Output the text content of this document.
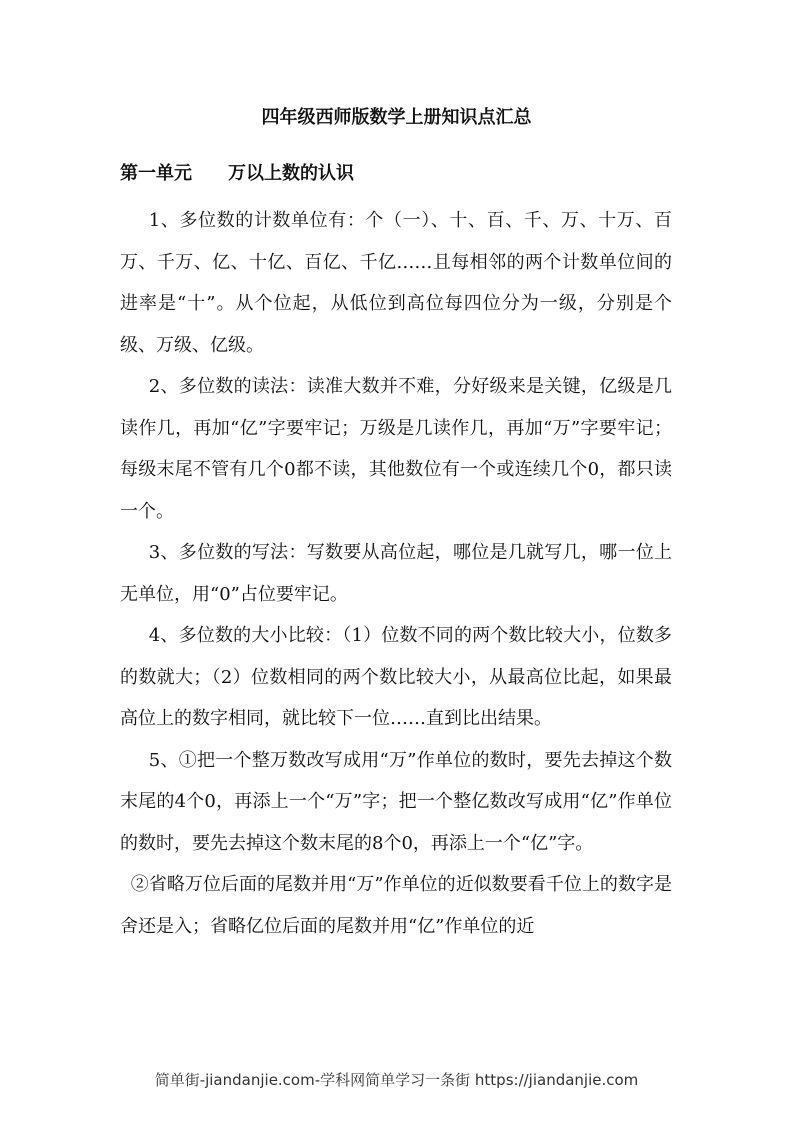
四年级西师版数学上册知识点汇总
第一单元　　万以上数的认识

1、多位数的计数单位有：个（一）、十、百、千、万、十万、百万、千万、亿、十亿、百亿、千亿……且每相邻的两个计数单位间的进率是“十”。从个位起，从低位到高位每四位分为一级，分别是个级、万级、亿级。

2、多位数的读法：读准大数并不难，分好级来是关键，亿级是几读作几，再加“亿”字要牢记；万级是几读作几，再加“万”字要牢记；每级末尾不管有几个0都不读，其他数位有一个或连续几个0，都只读一个。

3、多位数的写法：写数要从高位起，哪位是几就写几，哪一位上无单位，用“0”占位要牢记。

4、多位数的大小比较：（1）位数不同的两个数比较大小，位数多的数就大；（2）位数相同的两个数比较大小，从最高位比起，如果最高位上的数字相同，就比较下一位……直到比出结果。

5、①把一个整万数改写成用“万”作单位的数时，要先去掉这个数末尾的4个0，再添上一个“万”字；把一个整亿数改写成用“亿”作单位的数时，要先去掉这个数末尾的8个0，再添上一个“亿”字。

②省略万位后面的尾数并用“万”作单位的近似数要看千位上的数字是舍还是入；省略亿位后面的尾数并用“亿”作单位的近

简单街-jiandanjie.com-学科网简单学习一条街 https://jiandanjie.com
